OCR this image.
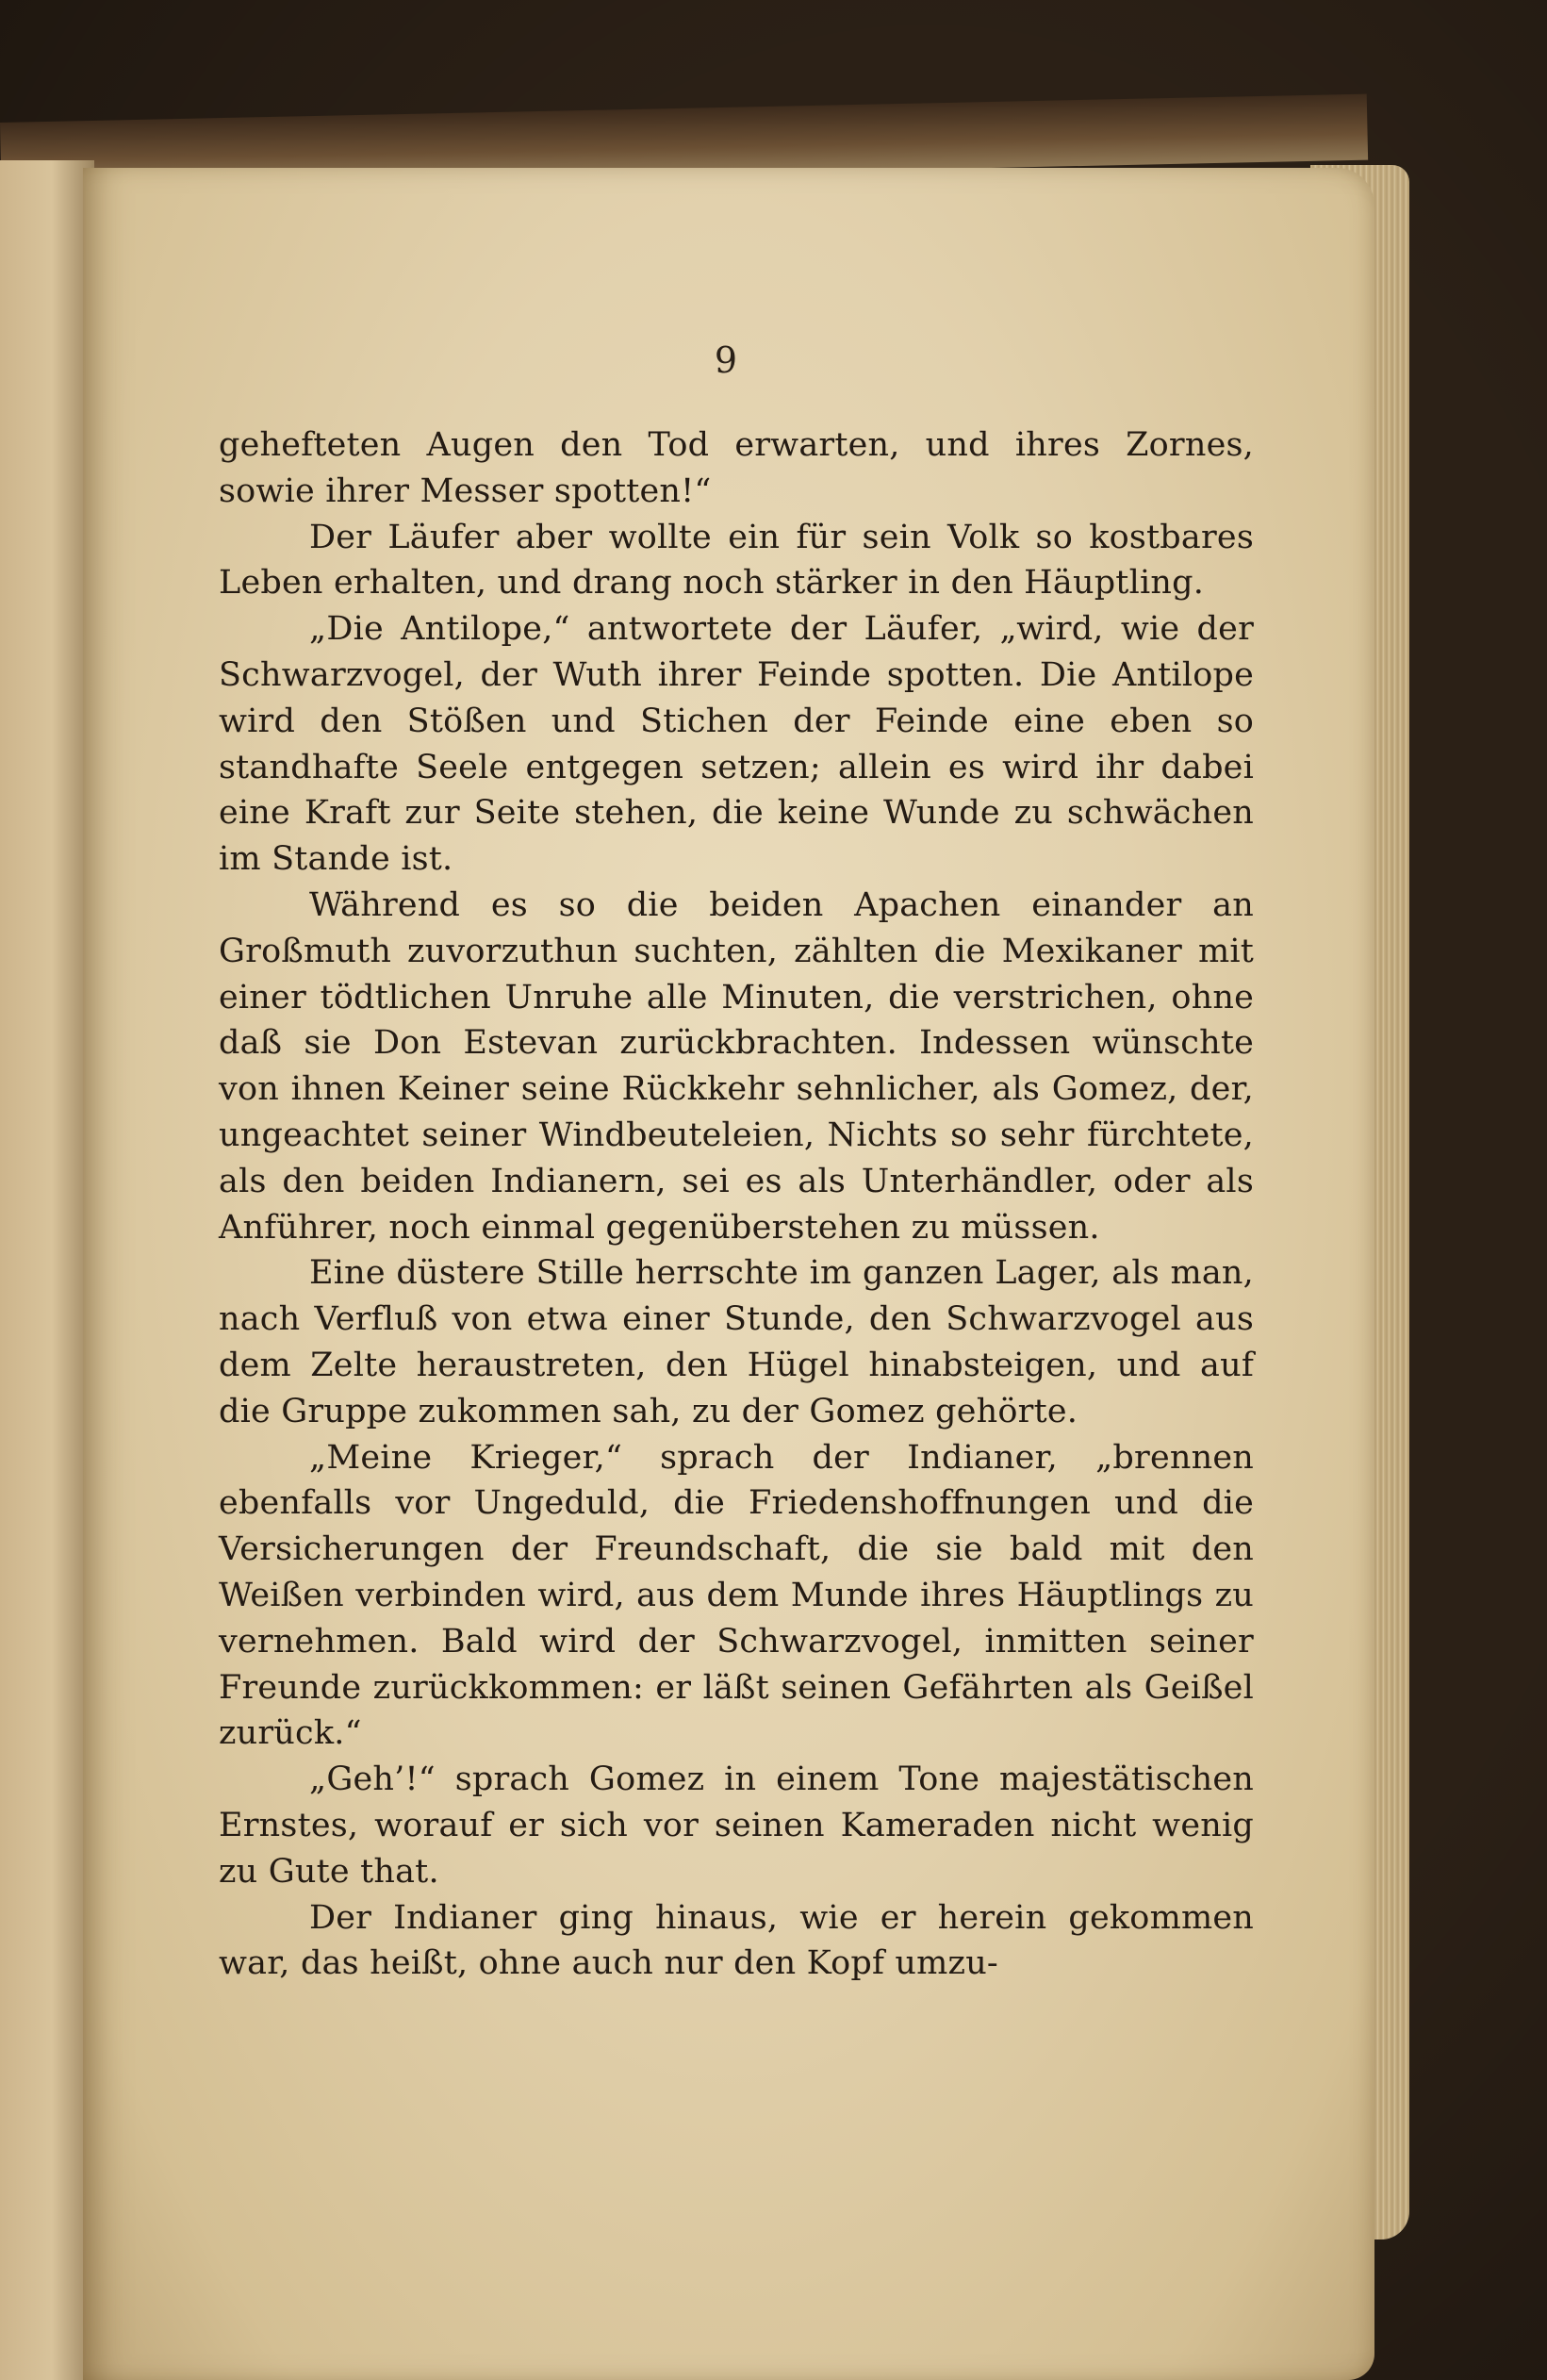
9

gehefteten Augen den Tod erwarten, und ihres Zornes, sowie ihrer Messer spotten!“

Der Läufer aber wollte ein für sein Volk so kostbares Leben erhalten, und drang noch stärker in den Häuptling.

„Die Antilope,“ antwortete der Läufer, „wird, wie der Schwarzvogel, der Wuth ihrer Feinde spotten. Die Antilope wird den Stößen und Stichen der Feinde eine eben so standhafte Seele entgegen setzen; allein es wird ihr dabei eine Kraft zur Seite stehen, die keine Wunde zu schwächen im Stande ist.

Während es so die beiden Apachen einander an Großmuth zuvorzuthun suchten, zählten die Mexikaner mit einer tödtlichen Unruhe alle Minuten, die verstrichen, ohne daß sie Don Estevan zurückbrachten. Indessen wünschte von ihnen Keiner seine Rückkehr sehnlicher, als Gomez, der, ungeachtet seiner Windbeuteleien, Nichts so sehr fürchtete, als den beiden Indianern, sei es als Unterhändler, oder als Anführer, noch einmal gegenüberstehen zu müssen.

Eine düstere Stille herrschte im ganzen Lager, als man, nach Verfluß von etwa einer Stunde, den Schwarzvogel aus dem Zelte heraustreten, den Hügel hinabsteigen, und auf die Gruppe zukommen sah, zu der Gomez gehörte.

„Meine Krieger,“ sprach der Indianer, „brennen ebenfalls vor Ungeduld, die Friedenshoffnungen und die Versicherungen der Freundschaft, die sie bald mit den Weißen verbinden wird, aus dem Munde ihres Häuptlings zu vernehmen. Bald wird der Schwarzvogel, inmitten seiner Freunde zurückkommen: er läßt seinen Gefährten als Geißel zurück.“

„Geh’!“ sprach Gomez in einem Tone majestätischen Ernstes, worauf er sich vor seinen Kameraden nicht wenig zu Gute that.

Der Indianer ging hinaus, wie er herein gekommen war, das heißt, ohne auch nur den Kopf umzu-
